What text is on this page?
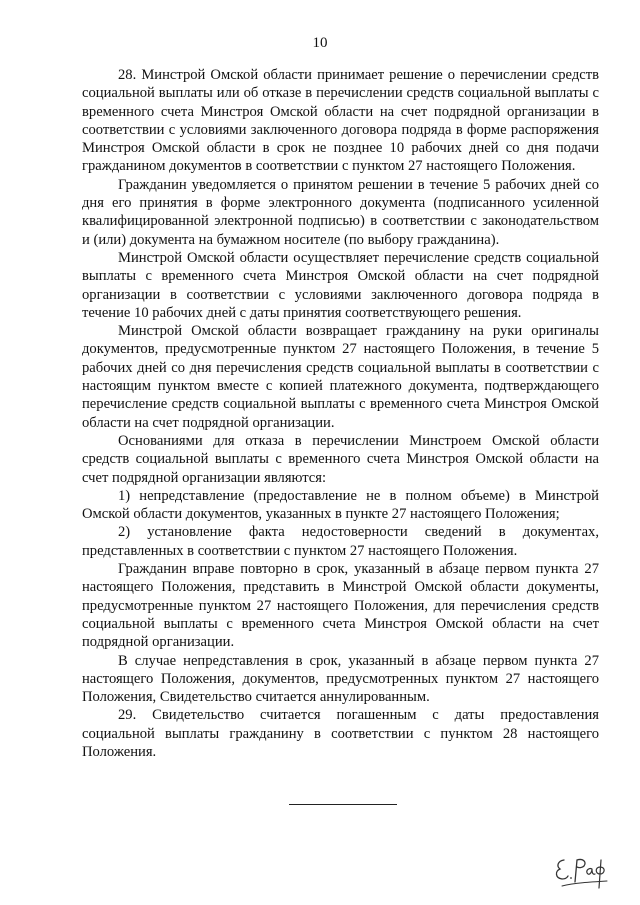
10

28. Минстрой Омской области принимает решение о перечислении средств социальной выплаты или об отказе в перечислении средств социальной выплаты с временного счета Минстроя Омской области на счет подрядной организации в соответствии с условиями заключенного договора подряда в форме распоряжения Минстроя Омской области в срок не позднее 10 рабочих дней со дня подачи гражданином документов в соответствии с пунктом 27 настоящего Положения.

Гражданин уведомляется о принятом решении в течение 5 рабочих дней со дня его принятия в форме электронного документа (подписанного усиленной квалифицированной электронной подписью) в соответствии с законодательством и (или) документа на бумажном носителе (по выбору гражданина).

Минстрой Омской области осуществляет перечисление средств социальной выплаты с временного счета Минстроя Омской области на счет подрядной организации в соответствии с условиями заключенного договора подряда в течение 10 рабочих дней с даты принятия соответствующего решения.

Минстрой Омской области возвращает гражданину на руки оригиналы документов, предусмотренные пунктом 27 настоящего Положения, в течение 5 рабочих дней со дня перечисления средств социальной выплаты в соответствии с настоящим пунктом вместе с копией платежного документа, подтверждающего перечисление средств социальной выплаты с временного счета Минстроя Омской области на счет подрядной организации.

Основаниями для отказа в перечислении Минстроем Омской области средств социальной выплаты с временного счета Минстроя Омской области на счет подрядной организации являются:

1) непредставление (предоставление не в полном объеме) в Минстрой Омской области документов, указанных в пункте 27 настоящего Положения;

2) установление факта недостоверности сведений в документах, представленных в соответствии с пунктом 27 настоящего Положения.

Гражданин вправе повторно в срок, указанный в абзаце первом пункта 27 настоящего Положения, представить в Минстрой Омской области документы, предусмотренные пунктом 27 настоящего Положения, для перечисления средств социальной выплаты с временного счета Минстроя Омской области на счет подрядной организации.

В случае непредставления в срок, указанный в абзаце первом пункта 27 настоящего Положения, документов, предусмотренных пунктом 27 настоящего Положения, Свидетельство считается аннулированным.

29. Свидетельство считается погашенным с даты предоставления социальной выплаты гражданину в соответствии с пунктом 28 настоящего Положения.
